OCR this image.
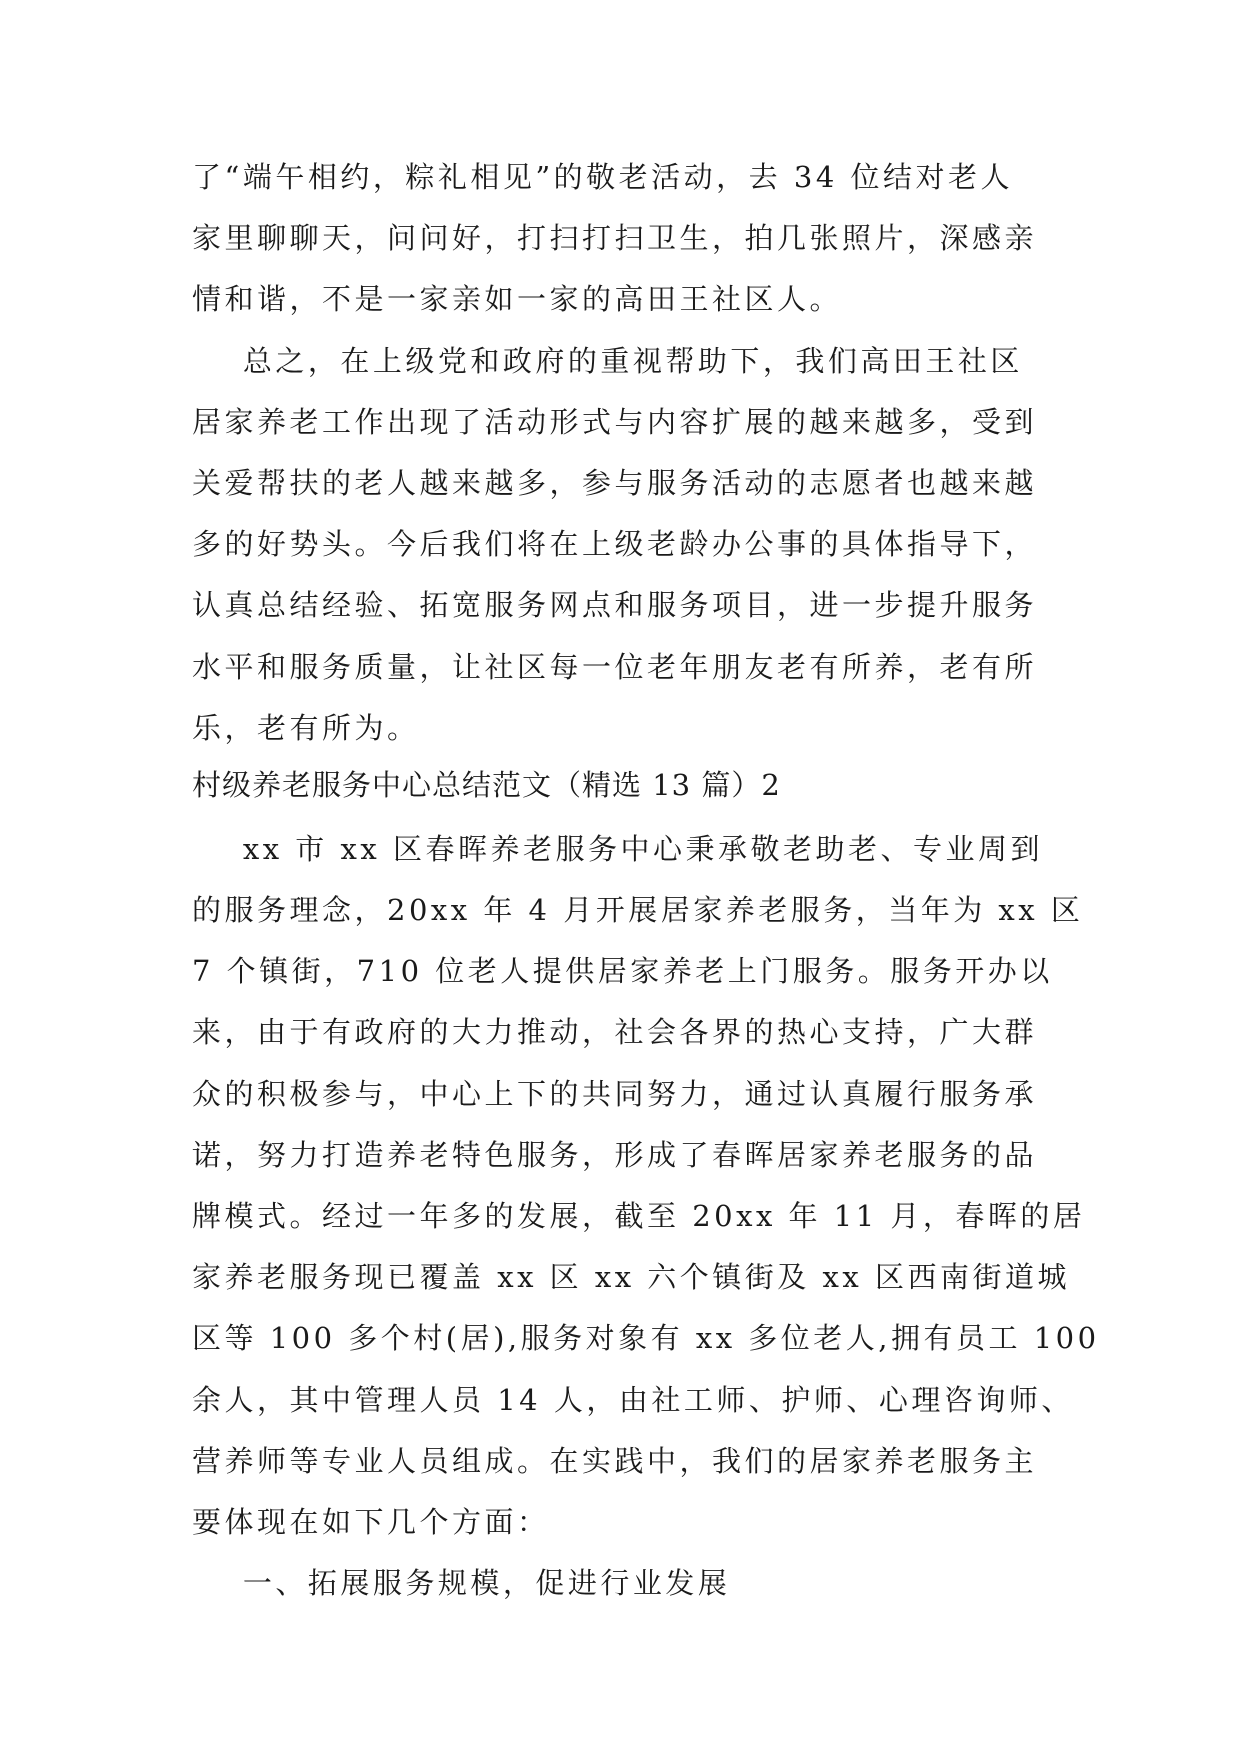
了“端午相约，粽礼相见”的敬老活动，去 34 位结对老人
家里聊聊天，问问好，打扫打扫卫生，拍几张照片，深感亲
情和谐，不是一家亲如一家的高田王社区人。
总之，在上级党和政府的重视帮助下，我们高田王社区
居家养老工作出现了活动形式与内容扩展的越来越多，受到
关爱帮扶的老人越来越多，参与服务活动的志愿者也越来越
多的好势头。今后我们将在上级老龄办公事的具体指导下，
认真总结经验、拓宽服务网点和服务项目，进一步提升服务
水平和服务质量，让社区每一位老年朋友老有所养，老有所
乐，老有所为。
村级养老服务中心总结范文（精选 13 篇）2
xx 市 xx 区春晖养老服务中心秉承敬老助老、专业周到
的服务理念，20xx 年 4 月开展居家养老服务，当年为 xx 区
7 个镇街，710 位老人提供居家养老上门服务。服务开办以
来，由于有政府的大力推动，社会各界的热心支持，广大群
众的积极参与，中心上下的共同努力，通过认真履行服务承
诺，努力打造养老特色服务，形成了春晖居家养老服务的品
牌模式。经过一年多的发展，截至 20xx 年 11 月，春晖的居
家养老服务现已覆盖 xx 区 xx 六个镇街及 xx 区西南街道城
区等 100 多个村(居),服务对象有 xx 多位老人,拥有员工 100
余人，其中管理人员 14 人，由社工师、护师、心理咨询师、
营养师等专业人员组成。在实践中，我们的居家养老服务主
要体现在如下几个方面：
一、拓展服务规模，促进行业发展
